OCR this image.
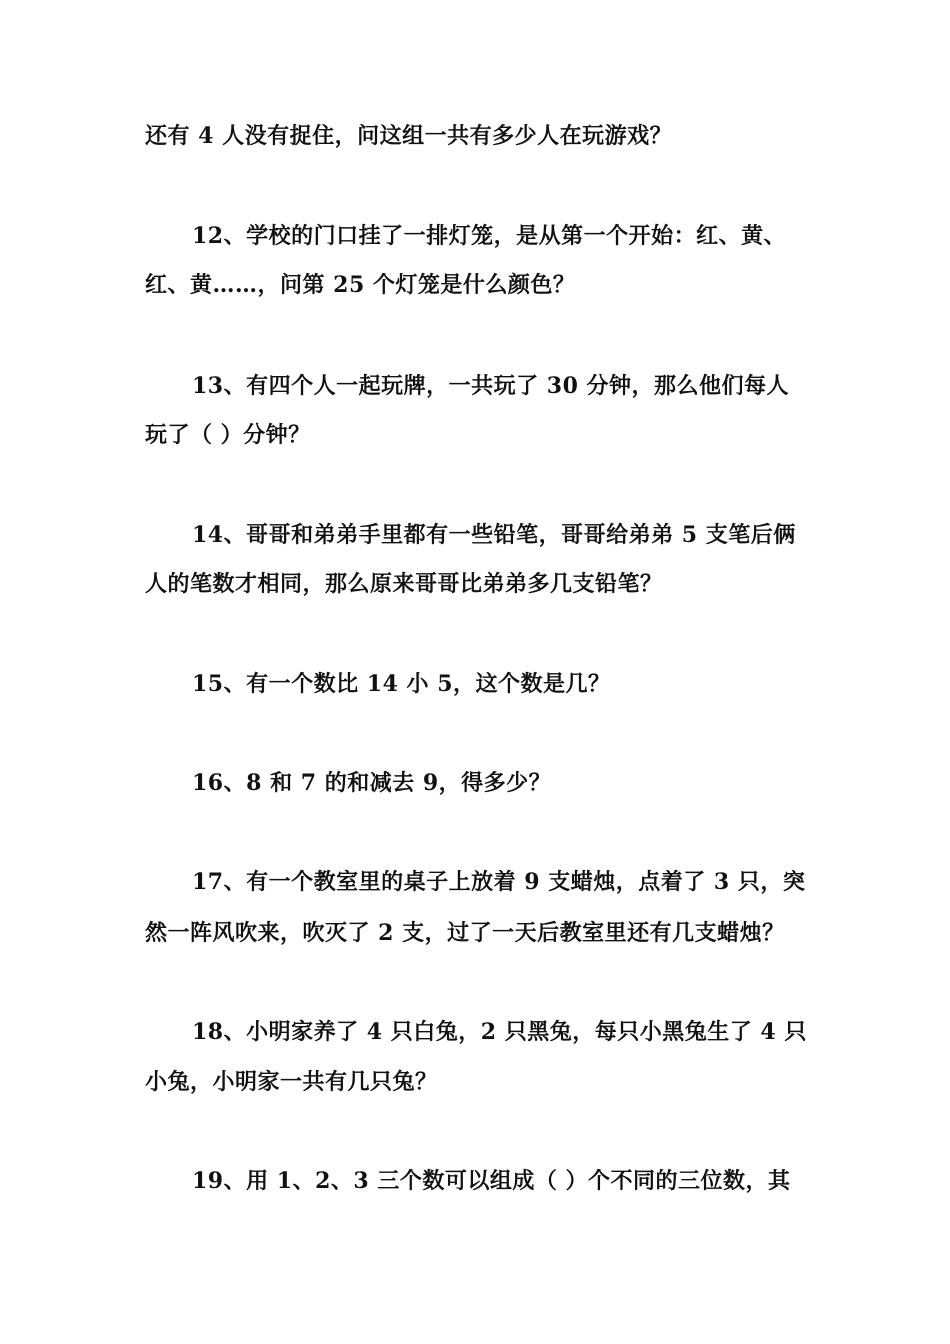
还有 4 人没有捉住，问这组一共有多少人在玩游戏？
12、学校的门口挂了一排灯笼，是从第一个开始：红、黄、
红、黄……，问第 25 个灯笼是什么颜色？
13、有四个人一起玩牌，一共玩了 30 分钟，那么他们每人
玩了（ ）分钟？
14、哥哥和弟弟手里都有一些铅笔，哥哥给弟弟 5 支笔后俩
人的笔数才相同，那么原来哥哥比弟弟多几支铅笔？
15、有一个数比 14 小 5，这个数是几？
16、8 和 7 的和减去 9，得多少？
17、有一个教室里的桌子上放着 9 支蜡烛，点着了 3 只，突
然一阵风吹来，吹灭了 2 支，过了一天后教室里还有几支蜡烛？
18、小明家养了 4 只白兔，2 只黑兔，每只小黑兔生了 4 只
小兔，小明家一共有几只兔？
19、用 1、2、3 三个数可以组成（ ）个不同的三位数，其
